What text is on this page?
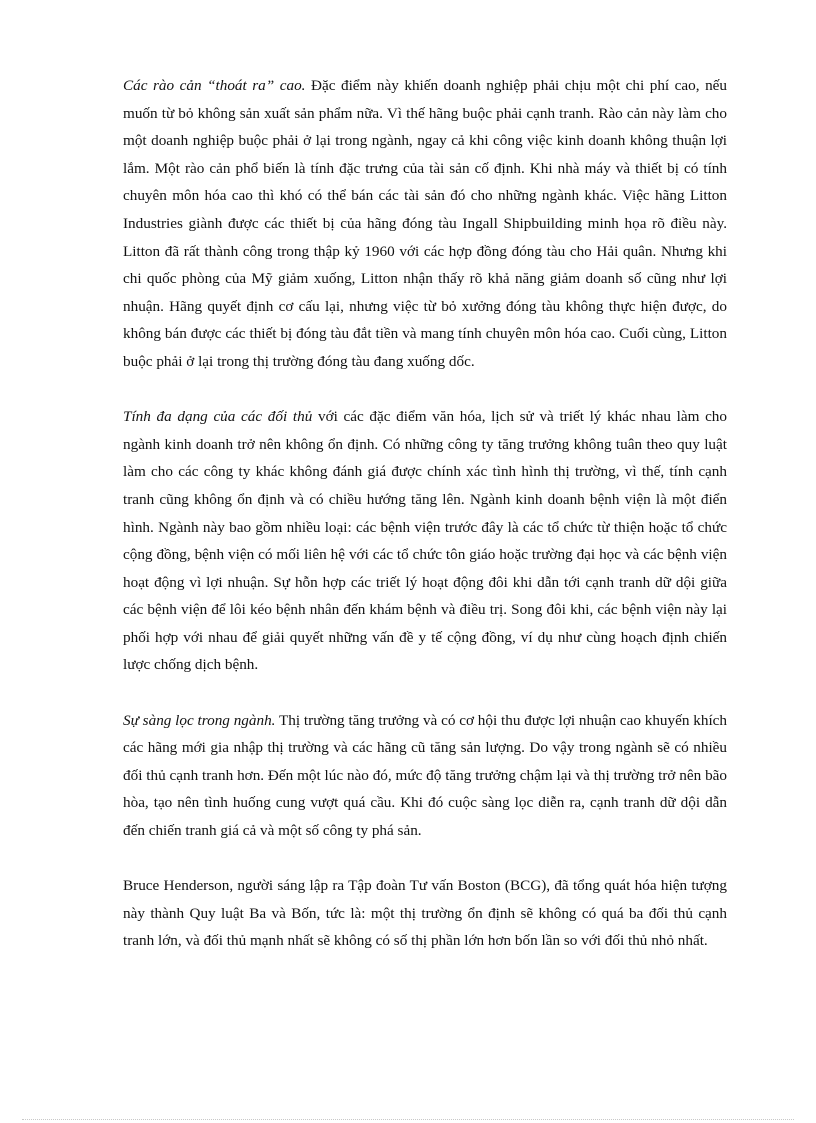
Các rào cản “thoát ra” cao. Đặc điểm này khiến doanh nghiệp phải chịu một chi phí cao, nếu muốn từ bỏ không sản xuất sản phẩm nữa. Vì thế hãng buộc phải cạnh tranh. Rào cản này làm cho một doanh nghiệp buộc phải ở lại trong ngành, ngay cả khi công việc kinh doanh không thuận lợi lắm. Một rào cản phổ biến là tính đặc trưng của tài sản cố định. Khi nhà máy và thiết bị có tính chuyên môn hóa cao thì khó có thể bán các tài sản đó cho những ngành khác. Việc hãng Litton Industries giành được các thiết bị của hãng đóng tàu Ingall Shipbuilding minh họa rõ điều này. Litton đã rất thành công trong thập kỷ 1960 với các hợp đồng đóng tàu cho Hải quân. Nhưng khi chi quốc phòng của Mỹ giảm xuống, Litton nhận thấy rõ khả năng giảm doanh số cũng như lợi nhuận. Hãng quyết định cơ cấu lại, nhưng việc từ bỏ xưởng đóng tàu không thực hiện được, do không bán được các thiết bị đóng tàu đắt tiền và mang tính chuyên môn hóa cao. Cuối cùng, Litton buộc phải ở lại trong thị trường đóng tàu đang xuống dốc.

Tính đa dạng của các đối thủ với các đặc điểm văn hóa, lịch sử và triết lý khác nhau làm cho ngành kinh doanh trở nên không ổn định. Có những công ty tăng trưởng không tuân theo quy luật làm cho các công ty khác không đánh giá được chính xác tình hình thị trường, vì thế, tính cạnh tranh cũng không ổn định và có chiều hướng tăng lên. Ngành kinh doanh bệnh viện là một điển hình. Ngành này bao gồm nhiều loại: các bệnh viện trước đây là các tổ chức từ thiện hoặc tổ chức cộng đồng, bệnh viện có mối liên hệ với các tổ chức tôn giáo hoặc trường đại học và các bệnh viện hoạt động vì lợi nhuận. Sự hỗn hợp các triết lý hoạt động đôi khi dẫn tới cạnh tranh dữ dội giữa các bệnh viện để lôi kéo bệnh nhân đến khám bệnh và điều trị. Song đôi khi, các bệnh viện này lại phối hợp với nhau để giải quyết những vấn đề y tế cộng đồng, ví dụ như cùng hoạch định chiến lược chống dịch bệnh.

Sự sàng lọc trong ngành. Thị trường tăng trưởng và có cơ hội thu được lợi nhuận cao khuyến khích các hãng mới gia nhập thị trường và các hãng cũ tăng sản lượng. Do vậy trong ngành sẽ có nhiều đối thủ cạnh tranh hơn. Đến một lúc nào đó, mức độ tăng trưởng chậm lại và thị trường trở nên bão hòa, tạo nên tình huống cung vượt quá cầu. Khi đó cuộc sàng lọc diễn ra, cạnh tranh dữ dội dẫn đến chiến tranh giá cả và một số công ty phá sản.

Bruce Henderson, người sáng lập ra Tập đoàn Tư vấn Boston (BCG), đã tổng quát hóa hiện tượng này thành Quy luật Ba và Bốn, tức là: một thị trường ổn định sẽ không có quá ba đối thủ cạnh tranh lớn, và đối thủ mạnh nhất sẽ không có số thị phần lớn hơn bốn lần so với đối thủ nhỏ nhất.
